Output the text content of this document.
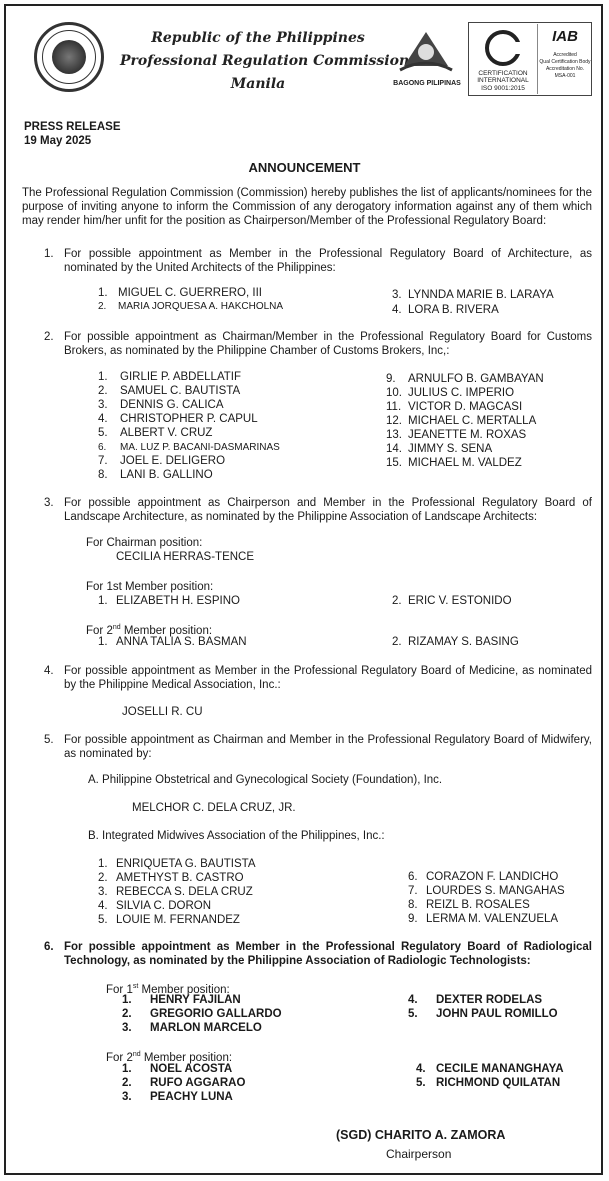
Republic of the Philippines
Professional Regulation Commission
Manila	BAGONG PILIPINAS
CERTIFICATION
INTERNATIONAL
ISO 9001:2015
IAB
Accredited
Qual Certification Body
Accreditation No.
MSA-001
PRESS RELEASE
19 May 2025
ANNOUNCEMENT
The Professional Regulation Commission (Commission) hereby publishes the list of applicants/nominees for the purpose of inviting anyone to inform the Commission of any derogatory information against any of them which may render him/her unfit for the position as Chairperson/Member of the Professional Regulatory Board:
1. For possible appointment as Member in the Professional Regulatory Board of Architecture, as nominated by the United Architects of the Philippines:
1. MIGUEL C. GUERRERO, III
2. MARIA JORQUESA A. HAKCHOLNA
3. LYNNDA MARIE B. LARAYA
4. LORA B. RIVERA
2. For possible appointment as Chairman/Member in the Professional Regulatory Board for Customs Brokers, as nominated by the Philippine Chamber of Customs Brokers, Inc,:
1. GIRLIE P. ABDELLATIF
2. SAMUEL C. BAUTISTA
3. DENNIS G. CALICA
4. CHRISTOPHER P. CAPUL
5. ALBERT V. CRUZ
6. MA. LUZ P. BACANI-DASMARINAS
7. JOEL E. DELIGERO
8. LANI B. GALLINO
9. ARNULFO B. GAMBAYAN
10. JULIUS C. IMPERIO
11. VICTOR D. MAGCASI
12. MICHAEL C. MERTALLA
13. JEANETTE M. ROXAS
14. JIMMY S. SENA
15. MICHAEL M. VALDEZ
3. For possible appointment as Chairperson and Member in the Professional Regulatory Board of Landscape Architecture, as nominated by the Philippine Association of Landscape Architects:
For Chairman position:
CECILIA HERRAS-TENCE
For 1st Member position:
1. ELIZABETH H. ESPINO	2. ERIC V. ESTONIDO
For 2nd Member position:
1. ANNA TALIA S. BASMAN	2. RIZAMAY S. BASING
4. For possible appointment as Member in the Professional Regulatory Board of Medicine, as nominated by the Philippine Medical Association, Inc.:
JOSELLI R. CU
5. For possible appointment as Chairman and Member in the Professional Regulatory Board of Midwifery, as nominated by:
A. Philippine Obstetrical and Gynecological Society (Foundation), Inc.
MELCHOR C. DELA CRUZ, JR.
B. Integrated Midwives Association of the Philippines, Inc.:
1. ENRIQUETA G. BAUTISTA
2. AMETHYST B. CASTRO
3. REBECCA S. DELA CRUZ
4. SILVIA C. DORON
5. LOUIE M. FERNANDEZ
6. CORAZON F. LANDICHO
7. LOURDES S. MANGAHAS
8. REIZL B. ROSALES
9. LERMA M. VALENZUELA
6. For possible appointment as Member in the Professional Regulatory Board of Radiological Technology, as nominated by the Philippine Association of Radiologic Technologists:
For 1st Member position:
1. HENRY FAJILAN
2. GREGORIO GALLARDO
3. MARLON MARCELO
4. DEXTER RODELAS
5. JOHN PAUL ROMILLO
For 2nd Member position:
1. NOEL ACOSTA
2. RUFO AGGARAO
3. PEACHY LUNA
4. CECILE MANANGHAYA
5. RICHMOND QUILATAN
(SGD) CHARITO A. ZAMORA
Chairperson
